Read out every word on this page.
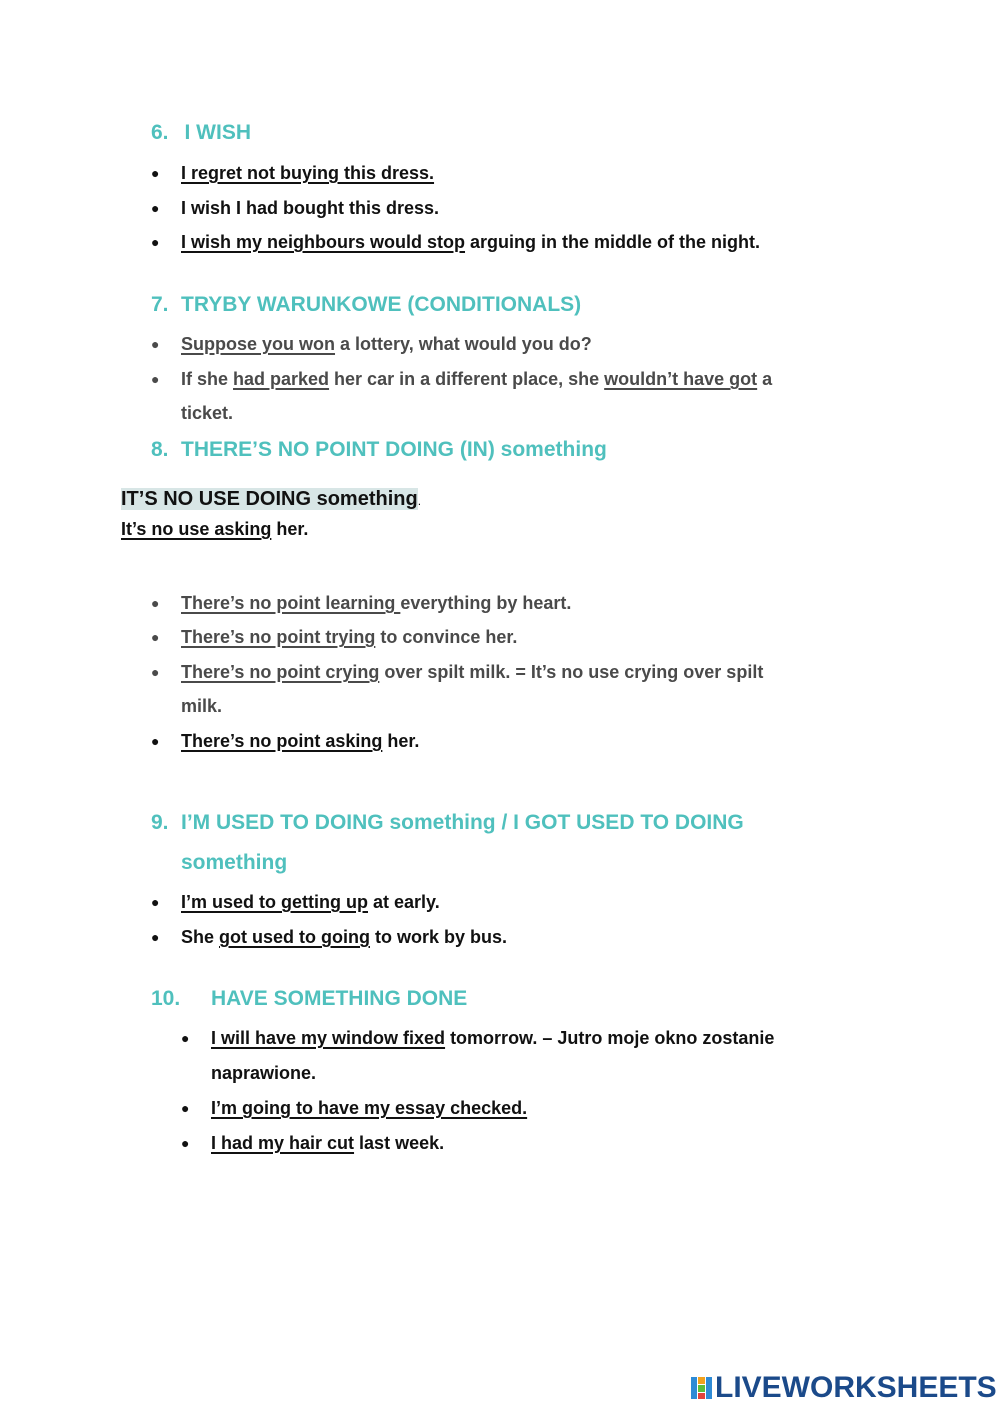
6. I WISH
● I regret not buying this dress.
● I wish I had bought this dress.
● I wish my neighbours would stop arguing in the middle of the night.
7. TRYBY WARUNKOWE (CONDITIONALS)
● Suppose you won a lottery, what would you do?
● If she had parked her car in a different place, she wouldn’t have got a
ticket.
8. THERE’S NO POINT DOING (IN) something
IT’S NO USE DOING something.
It’s no use asking her.
● There’s no point learning everything by heart.
● There’s no point trying to convince her.
● There’s no point crying over spilt milk. = It’s no use crying over spilt
milk.
● There’s no point asking her.
9. I’M USED TO DOING something / I GOT USED TO DOING
something
● I’m used to getting up at early.
● She got used to going to work by bus.
10. HAVE SOMETHING DONE
● I will have my window fixed tomorrow. – Jutro moje okno zostanie
naprawione.
● I’m going to have my essay checked.
● I had my hair cut last week.
LIVEWORKSHEETS
